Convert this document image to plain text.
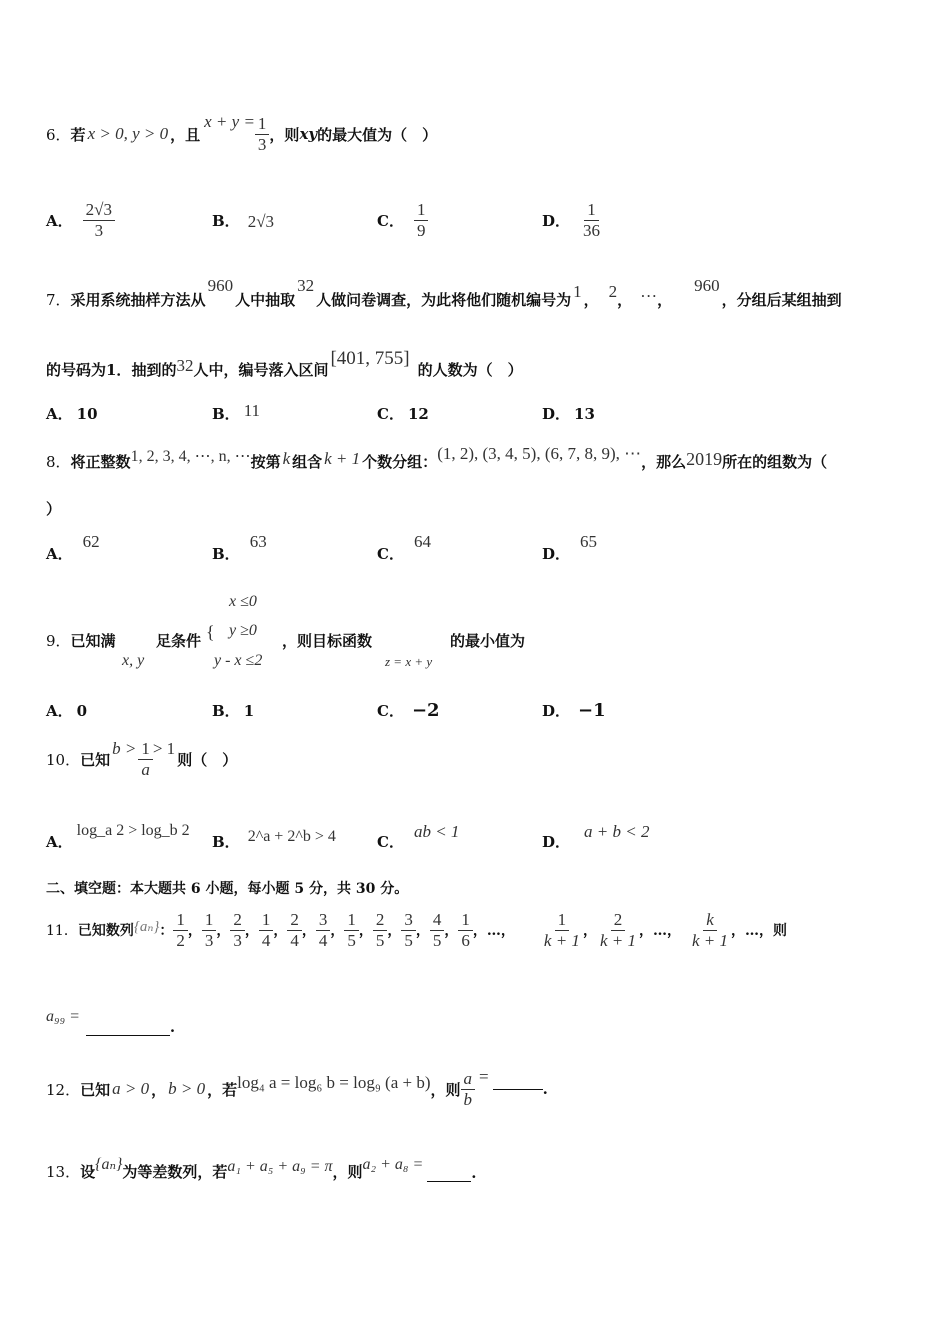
6． 若 x > 0, y > 0 ，且
$x + y = \frac{1}{3}$ ，则 xy 的最大值为（　）
A． $\frac{2√3}{3}$	B． 2√3	C． $\frac{1}{9}$	D． $\frac{1}{36}$
7． 采用系统抽样方法从
960
人中抽取
32
人做问卷调查，为此将他们随机编号为 1 ， 2 ， … ，
960
，分组后某组抽到
的号码为1．抽到的 32 人中，编号落入区间
[401, 755]
的人数为（　）
A． 10	B． 11	C． 12	D． 13
8． 将正整数 1, 2, 3, 4, ⋯, n, ⋯ 按第 k 组含 k + 1 个数分组： (1, 2), (3, 4, 5), (6, 7, 8, 9), ⋯ ，那么 2019 所在的组数为（
）
A．
62
B．
63
C．
64
D．
65
9．已知满
x, y
足条件 {
x ≤0
y ≥0
y - x ≤2
，则目标函数
z = x + y
的最小值为
A． 0	B． 1	C． −2	D． −1
10． 已知
$b > \frac{1}{a} > 1$
则（　）
A．
log_a 2 > log_b 2
B． 2^a + 2^b > 4	C．
ab < 1
D．
a + b < 2
二、填空题：本大题共 6 小题，每小题 5 分，共 30 分。
11． 已知数列 {aₙ} ： $\frac{1}{2}$ ， $\frac{1}{3}$ ， $\frac{2}{3}$ ， $\frac{1}{4}$ ， $\frac{2}{4}$ ， $\frac{3}{4}$ ， $\frac{1}{5}$ ， $\frac{2}{5}$ ， $\frac{3}{5}$ ， $\frac{4}{5}$ ， $\frac{1}{6}$ ，…， $\frac{1}{k + 1}$ ， $\frac{2}{k + 1}$ ，…， $\frac{k}{k + 1}$ ，…，则
a₉₉ =
.
12． 已知 a > 0 ， b > 0 ，若 log₄ a = log₆ b = log₉ (a + b) ，则 $\frac{a}{b}$ =
.
13． 设 {aₙ} 为等差数列，若 a₁ + a₅ + a₉ = π ，则 a₂ + a₈ =	.
